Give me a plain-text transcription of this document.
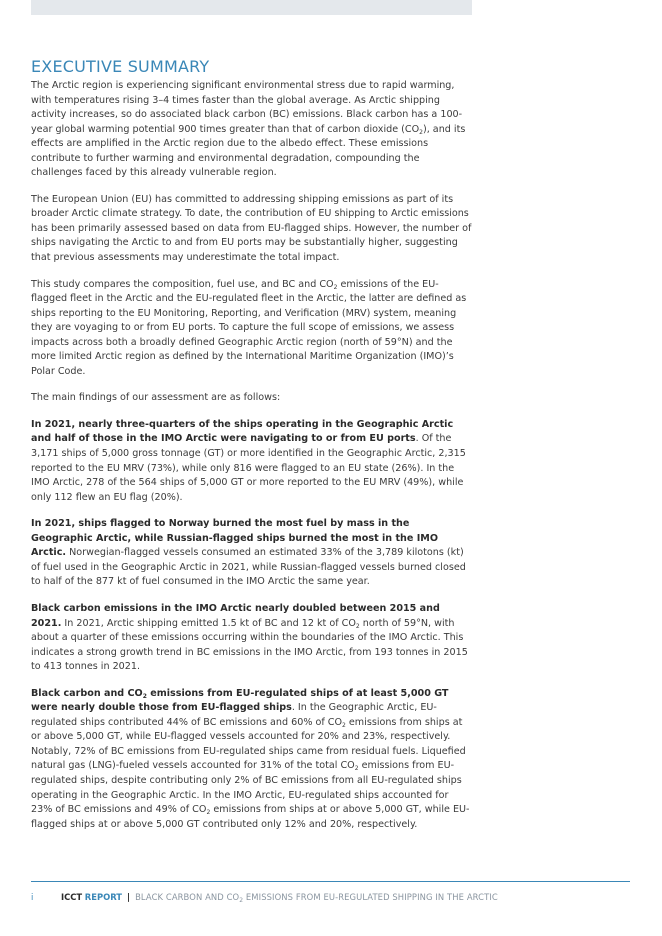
EXECUTIVE SUMMARY

The Arctic region is experiencing significant environmental stress due to rapid warming, with temperatures rising 3–4 times faster than the global average. As Arctic shipping activity increases, so do associated black carbon (BC) emissions. Black carbon has a 100-year global warming potential 900 times greater than that of carbon dioxide $(CO_2)$, and its effects are amplified in the Arctic region due to the albedo effect. These emissions contribute to further warming and environmental degradation, compounding the challenges faced by this already vulnerable region.

The European Union (EU) has committed to addressing shipping emissions as part of its broader Arctic climate strategy. To date, the contribution of EU shipping to Arctic emissions has been primarily assessed based on data from EU-flagged ships. However, the number of ships navigating the Arctic to and from EU ports may be substantially higher, suggesting that previous assessments may underestimate the total impact.

This study compares the composition, fuel use, and BC and $CO_2$ emissions of the EU-flagged fleet in the Arctic and the EU-regulated fleet in the Arctic, the latter are defined as ships reporting to the EU Monitoring, Reporting, and Verification (MRV) system, meaning they are voyaging to or from EU ports. To capture the full scope of emissions, we assess impacts across both a broadly defined Geographic Arctic region (north of 59°N) and the more limited Arctic region as defined by the International Maritime Organization (IMO)’s Polar Code.

The main findings of our assessment are as follows:

In 2021, nearly three-quarters of the ships operating in the Geographic Arctic and half of those in the IMO Arctic were navigating to or from EU ports. Of the 3,171 ships of 5,000 gross tonnage (GT) or more identified in the Geographic Arctic, 2,315 reported to the EU MRV (73%), while only 816 were flagged to an EU state (26%). In the IMO Arctic, 278 of the 564 ships of 5,000 GT or more reported to the EU MRV (49%), while only 112 flew an EU flag (20%).

In 2021, ships flagged to Norway burned the most fuel by mass in the Geographic Arctic, while Russian-flagged ships burned the most in the IMO Arctic. Norwegian-flagged vessels consumed an estimated 33% of the 3,789 kilotons (kt) of fuel used in the Geographic Arctic in 2021, while Russian-flagged vessels burned closed to half of the 877 kt of fuel consumed in the IMO Arctic the same year.

Black carbon emissions in the IMO Arctic nearly doubled between 2015 and 2021. In 2021, Arctic shipping emitted 1.5 kt of BC and 12 kt of $CO_2$ north of 59°N, with about a quarter of these emissions occurring within the boundaries of the IMO Arctic. This indicates a strong growth trend in BC emissions in the IMO Arctic, from 193 tonnes in 2015 to 413 tonnes in 2021.

Black carbon and $CO_2$ emissions from EU-regulated ships of at least 5,000 GT were nearly double those from EU-flagged ships. In the Geographic Arctic, EU-regulated ships contributed 44% of BC emissions and 60% of $CO_2$ emissions from ships at or above 5,000 GT, while EU-flagged vessels accounted for 20% and 23%, respectively. Notably, 72% of BC emissions from EU-regulated ships came from residual fuels. Liquefied natural gas (LNG)-fueled vessels accounted for 31% of the total $CO_2$ emissions from EU-regulated ships, despite contributing only 2% of BC emissions from all EU-regulated ships operating in the Geographic Arctic. In the IMO Arctic, EU-regulated ships accounted for 23% of BC emissions and 49% of $CO_2$ emissions from ships at or above 5,000 GT, while EU-flagged ships at or above 5,000 GT contributed only 12% and 20%, respectively.

i	ICCT REPORT | BLACK CARBON AND $CO_2$ EMISSIONS FROM EU-REGULATED SHIPPING IN THE ARCTIC
